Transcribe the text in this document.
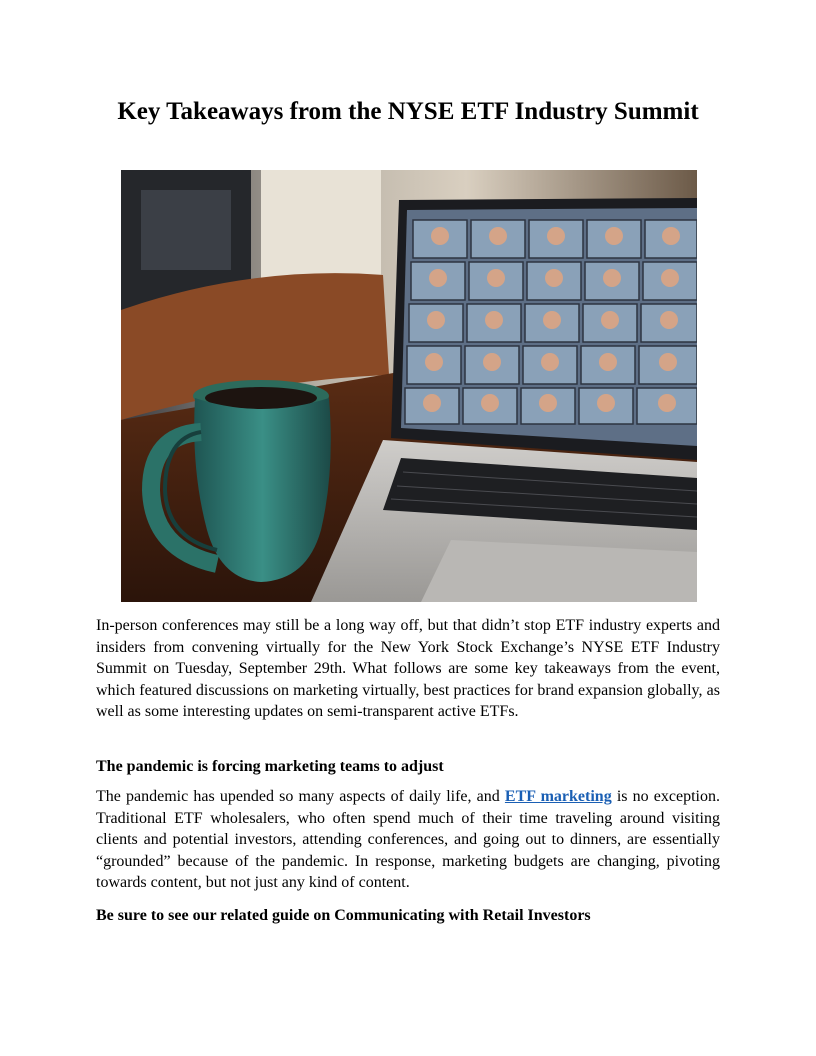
Key Takeaways from the NYSE ETF Industry Summit

In-person conferences may still be a long way off, but that didn’t stop ETF industry experts and insiders from convening virtually for the New York Stock Exchange’s NYSE ETF Industry Summit on Tuesday, September 29th. What follows are some key takeaways from the event, which featured discussions on marketing virtually, best practices for brand expansion globally, as well as some interesting updates on semi-transparent active ETFs.

The pandemic is forcing marketing teams to adjust

The pandemic has upended so many aspects of daily life, and ETF marketing is no exception. Traditional ETF wholesalers, who often spend much of their time traveling around visiting clients and potential investors, attending conferences, and going out to dinners, are essentially “grounded” because of the pandemic. In response, marketing budgets are changing, pivoting towards content, but not just any kind of content.

Be sure to see our related guide on Communicating with Retail Investors
